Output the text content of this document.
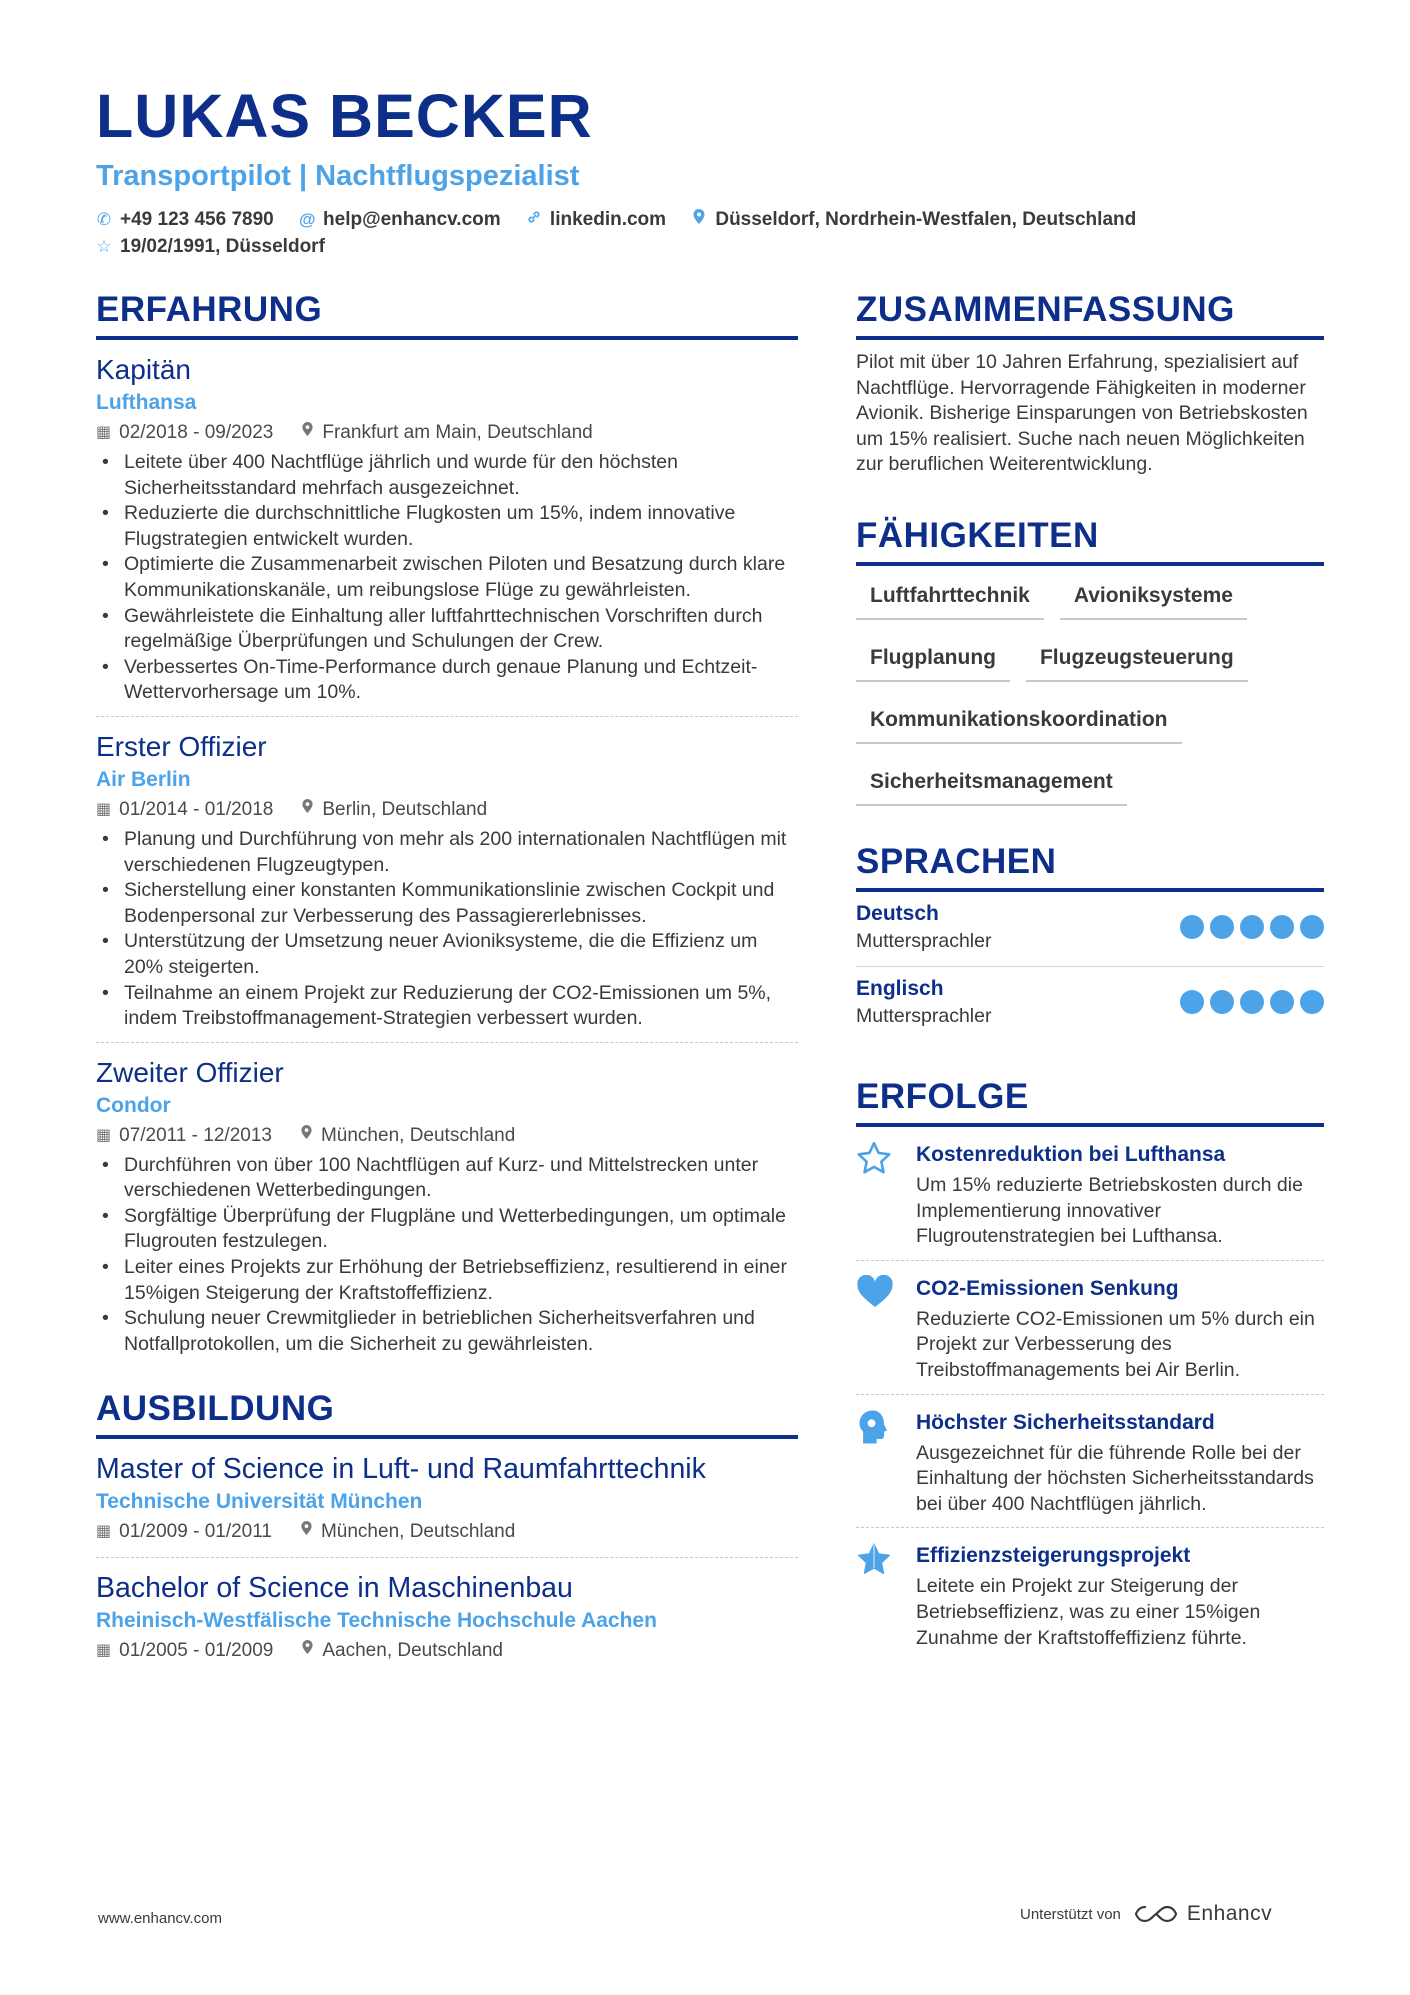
LUKAS BECKER
Transportpilot | Nachtflugspezialist
✆ +49 123 456 7890
@ help@enhancv.com
	linkedin.com
	Düsseldorf, Nordrhein-Westfalen, Deutschland

☆ 19/02/1991, Düsseldorf
ERFAHRUNG
Kapitän
Lufthansa
▦ 02/2018 - 09/2023	Frankfurt am Main, Deutschland
• Leitete über 400 Nachtflüge jährlich und wurde für den höchsten Sicherheitsstandard mehrfach ausgezeichnet.
• Reduzierte die durchschnittliche Flugkosten um 15%, indem innovative Flugstrategien entwickelt wurden.
• Optimierte die Zusammenarbeit zwischen Piloten und Besatzung durch klare Kommunikationskanäle, um reibungslose Flüge zu gewährleisten.
• Gewährleistete die Einhaltung aller luftfahrttechnischen Vorschriften durch regelmäßige Überprüfungen und Schulungen der Crew.
• Verbessertes On-Time-Performance durch genaue Planung und Echtzeit-Wettervorhersage um 10%.
Erster Offizier
Air Berlin
▦ 01/2014 - 01/2018	Berlin, Deutschland
• Planung und Durchführung von mehr als 200 internationalen Nachtflügen mit verschiedenen Flugzeugtypen.
• Sicherstellung einer konstanten Kommunikationslinie zwischen Cockpit und Bodenpersonal zur Verbesserung des Passagiererlebnisses.
• Unterstützung der Umsetzung neuer Avioniksysteme, die die Effizienz um 20% steigerten.
• Teilnahme an einem Projekt zur Reduzierung der CO2-Emissionen um 5%, indem Treibstoffmanagement-Strategien verbessert wurden.
Zweiter Offizier
Condor
▦ 07/2011 - 12/2013	München, Deutschland
• Durchführen von über 100 Nachtflügen auf Kurz- und Mittelstrecken unter verschiedenen Wetterbedingungen.
• Sorgfältige Überprüfung der Flugpläne und Wetterbedingungen, um optimale Flugrouten festzulegen.
• Leiter eines Projekts zur Erhöhung der Betriebseffizienz, resultierend in einer 15%igen Steigerung der Kraftstoffeffizienz.
• Schulung neuer Crewmitglieder in betrieblichen Sicherheitsverfahren und Notfallprotokollen, um die Sicherheit zu gewährleisten.
AUSBILDUNG
Master of Science in Luft- und Raumfahrttechnik
Technische Universität München
▦ 01/2009 - 01/2011	München, Deutschland
Bachelor of Science in Maschinenbau
Rheinisch-Westfälische Technische Hochschule Aachen
▦ 01/2005 - 01/2009	Aachen, Deutschland
ZUSAMMENFASSUNG
Pilot mit über 10 Jahren Erfahrung, spezialisiert auf Nachtflüge. Hervorragende Fähigkeiten in moderner Avionik. Bisherige Einsparungen von Betriebskosten um 15% realisiert. Suche nach neuen Möglichkeiten zur beruflichen Weiterentwicklung.
FÄHIGKEITEN
Luftfahrttechnik	Avioniksysteme
Flugplanung	Flugzeugsteuerung
Kommunikationskoordination
Sicherheitsmanagement
SPRACHEN
Deutsch
Muttersprachler
Englisch
Muttersprachler
ERFOLGE
Kostenreduktion bei Lufthansa
Um 15% reduzierte Betriebskosten durch die Implementierung innovativer Flugroutenstrategien bei Lufthansa.
CO2-Emissionen Senkung
Reduzierte CO2-Emissionen um 5% durch ein Projekt zur Verbesserung des Treibstoffmanagements bei Air Berlin.
Höchster Sicherheitsstandard
Ausgezeichnet für die führende Rolle bei der Einhaltung der höchsten Sicherheitsstandards bei über 400 Nachtflügen jährlich.
Effizienzsteigerungsprojekt
Leitete ein Projekt zur Steigerung der Betriebseffizienz, was zu einer 15%igen Zunahme der Kraftstoffeffizienz führte.
www.enhancv.com	Unterstützt von	Enhancv
